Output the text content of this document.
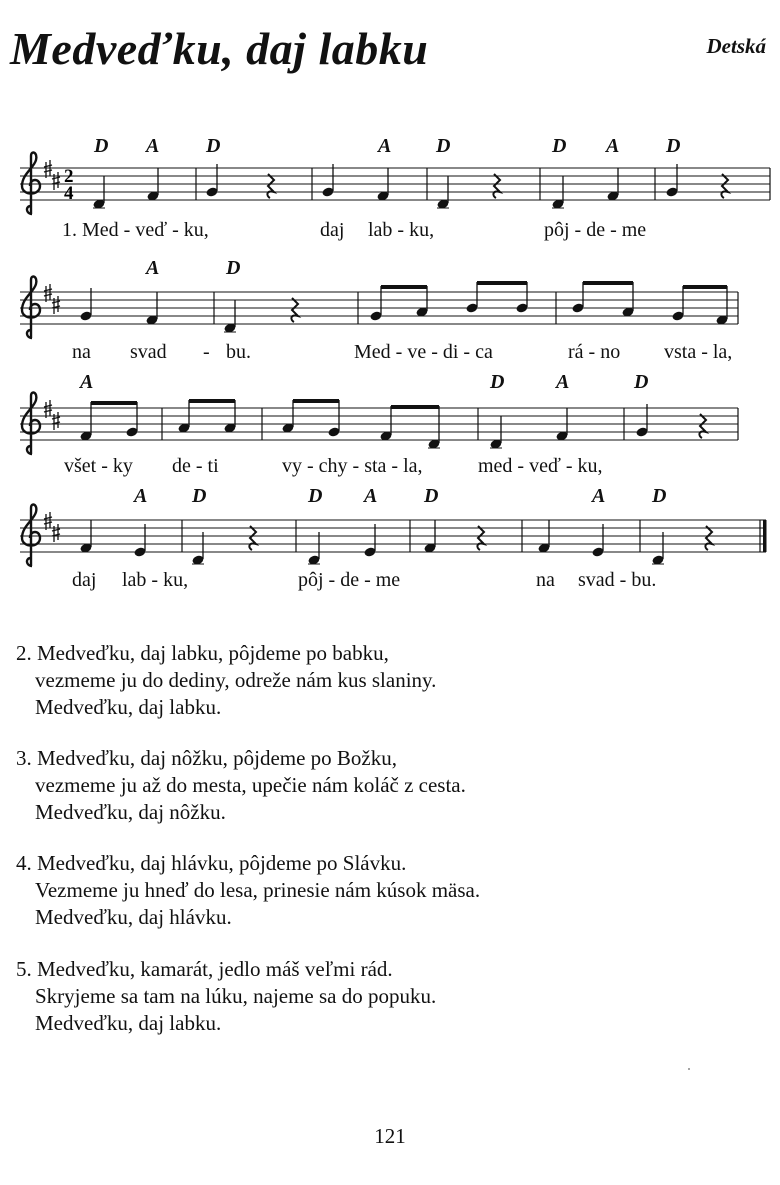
Medveďku, daj labku	Detská
D A D	A D	D A D
2
4
1. Med - veď - ku,	daj lab - ku,	pôj - de - me
A	D
na svad - bu.	Med - ve - di - ca	rá - no vsta - la,
A	D	A	D
všet - ky de - ti	vy - chy - sta - la,	med - veď - ku,
A D	D A D	A D
daj lab - ku,	pôj - de - me	na svad - bu.
2. Medveďku, daj labku, pôjdeme po babku,
vezmeme ju do dediny, odreže nám kus slaniny.
Medveďku, daj labku.
3. Medveďku, daj nôžku, pôjdeme po Božku,
vezmeme ju až do mesta, upečie nám koláč z cesta.
Medveďku, daj nôžku.
4. Medveďku, daj hlávku, pôjdeme po Slávku.
Vezmeme ju hneď do lesa, prinesie nám kúsok mäsa.
Medveďku, daj hlávku.
5. Medveďku, kamarát, jedlo máš veľmi rád.
Skryjeme sa tam na lúku, najeme sa do popuku.
Medveďku, daj labku.
121
